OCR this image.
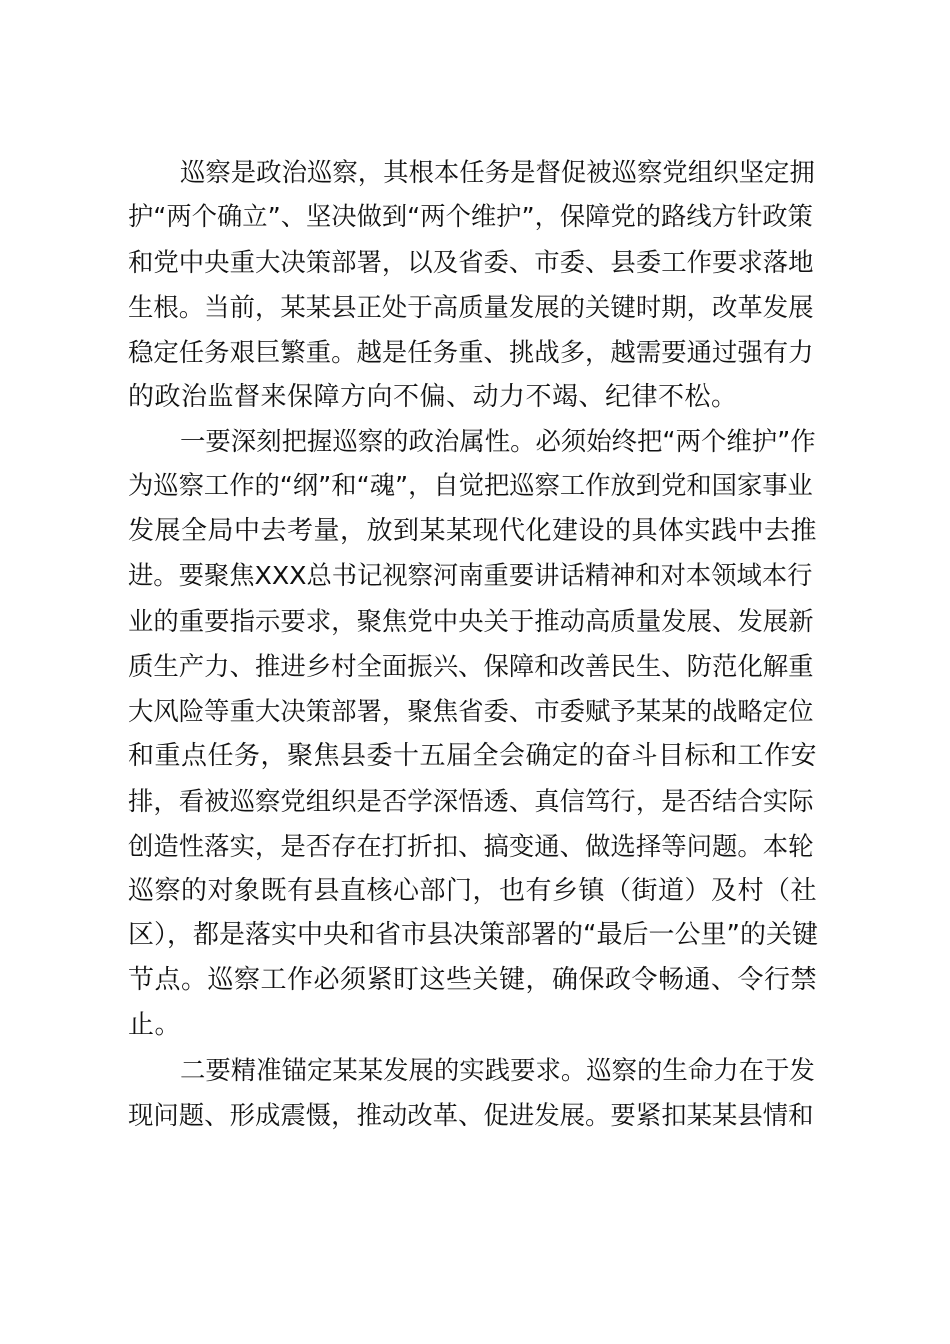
巡察是政治巡察，其根本任务是督促被巡察党组织坚定拥
护“两个确立”、坚决做到“两个维护”，保障党的路线方针政策
和党中央重大决策部署，以及省委、市委、县委工作要求落地
生根。当前，某某县正处于高质量发展的关键时期，改革发展
稳定任务艰巨繁重。越是任务重、挑战多，越需要通过强有力
的政治监督来保障方向不偏、动力不竭、纪律不松。

一要深刻把握巡察的政治属性。必须始终把“两个维护”作
为巡察工作的“纲”和“魂”，自觉把巡察工作放到党和国家事业
发展全局中去考量，放到某某现代化建设的具体实践中去推
进。要聚焦XXX总书记视察河南重要讲话精神和对本领域本行
业的重要指示要求，聚焦党中央关于推动高质量发展、发展新
质生产力、推进乡村全面振兴、保障和改善民生、防范化解重
大风险等重大决策部署，聚焦省委、市委赋予某某的战略定位
和重点任务，聚焦县委十五届全会确定的奋斗目标和工作安
排，看被巡察党组织是否学深悟透、真信笃行，是否结合实际
创造性落实，是否存在打折扣、搞变通、做选择等问题。本轮
巡察的对象既有县直核心部门，也有乡镇（街道）及村（社
区），都是落实中央和省市县决策部署的“最后一公里”的关键
节点。巡察工作必须紧盯这些关键，确保政令畅通、令行禁
止。

二要精准锚定某某发展的实践要求。巡察的生命力在于发
现问题、形成震慑，推动改革、促进发展。要紧扣某某县情和
